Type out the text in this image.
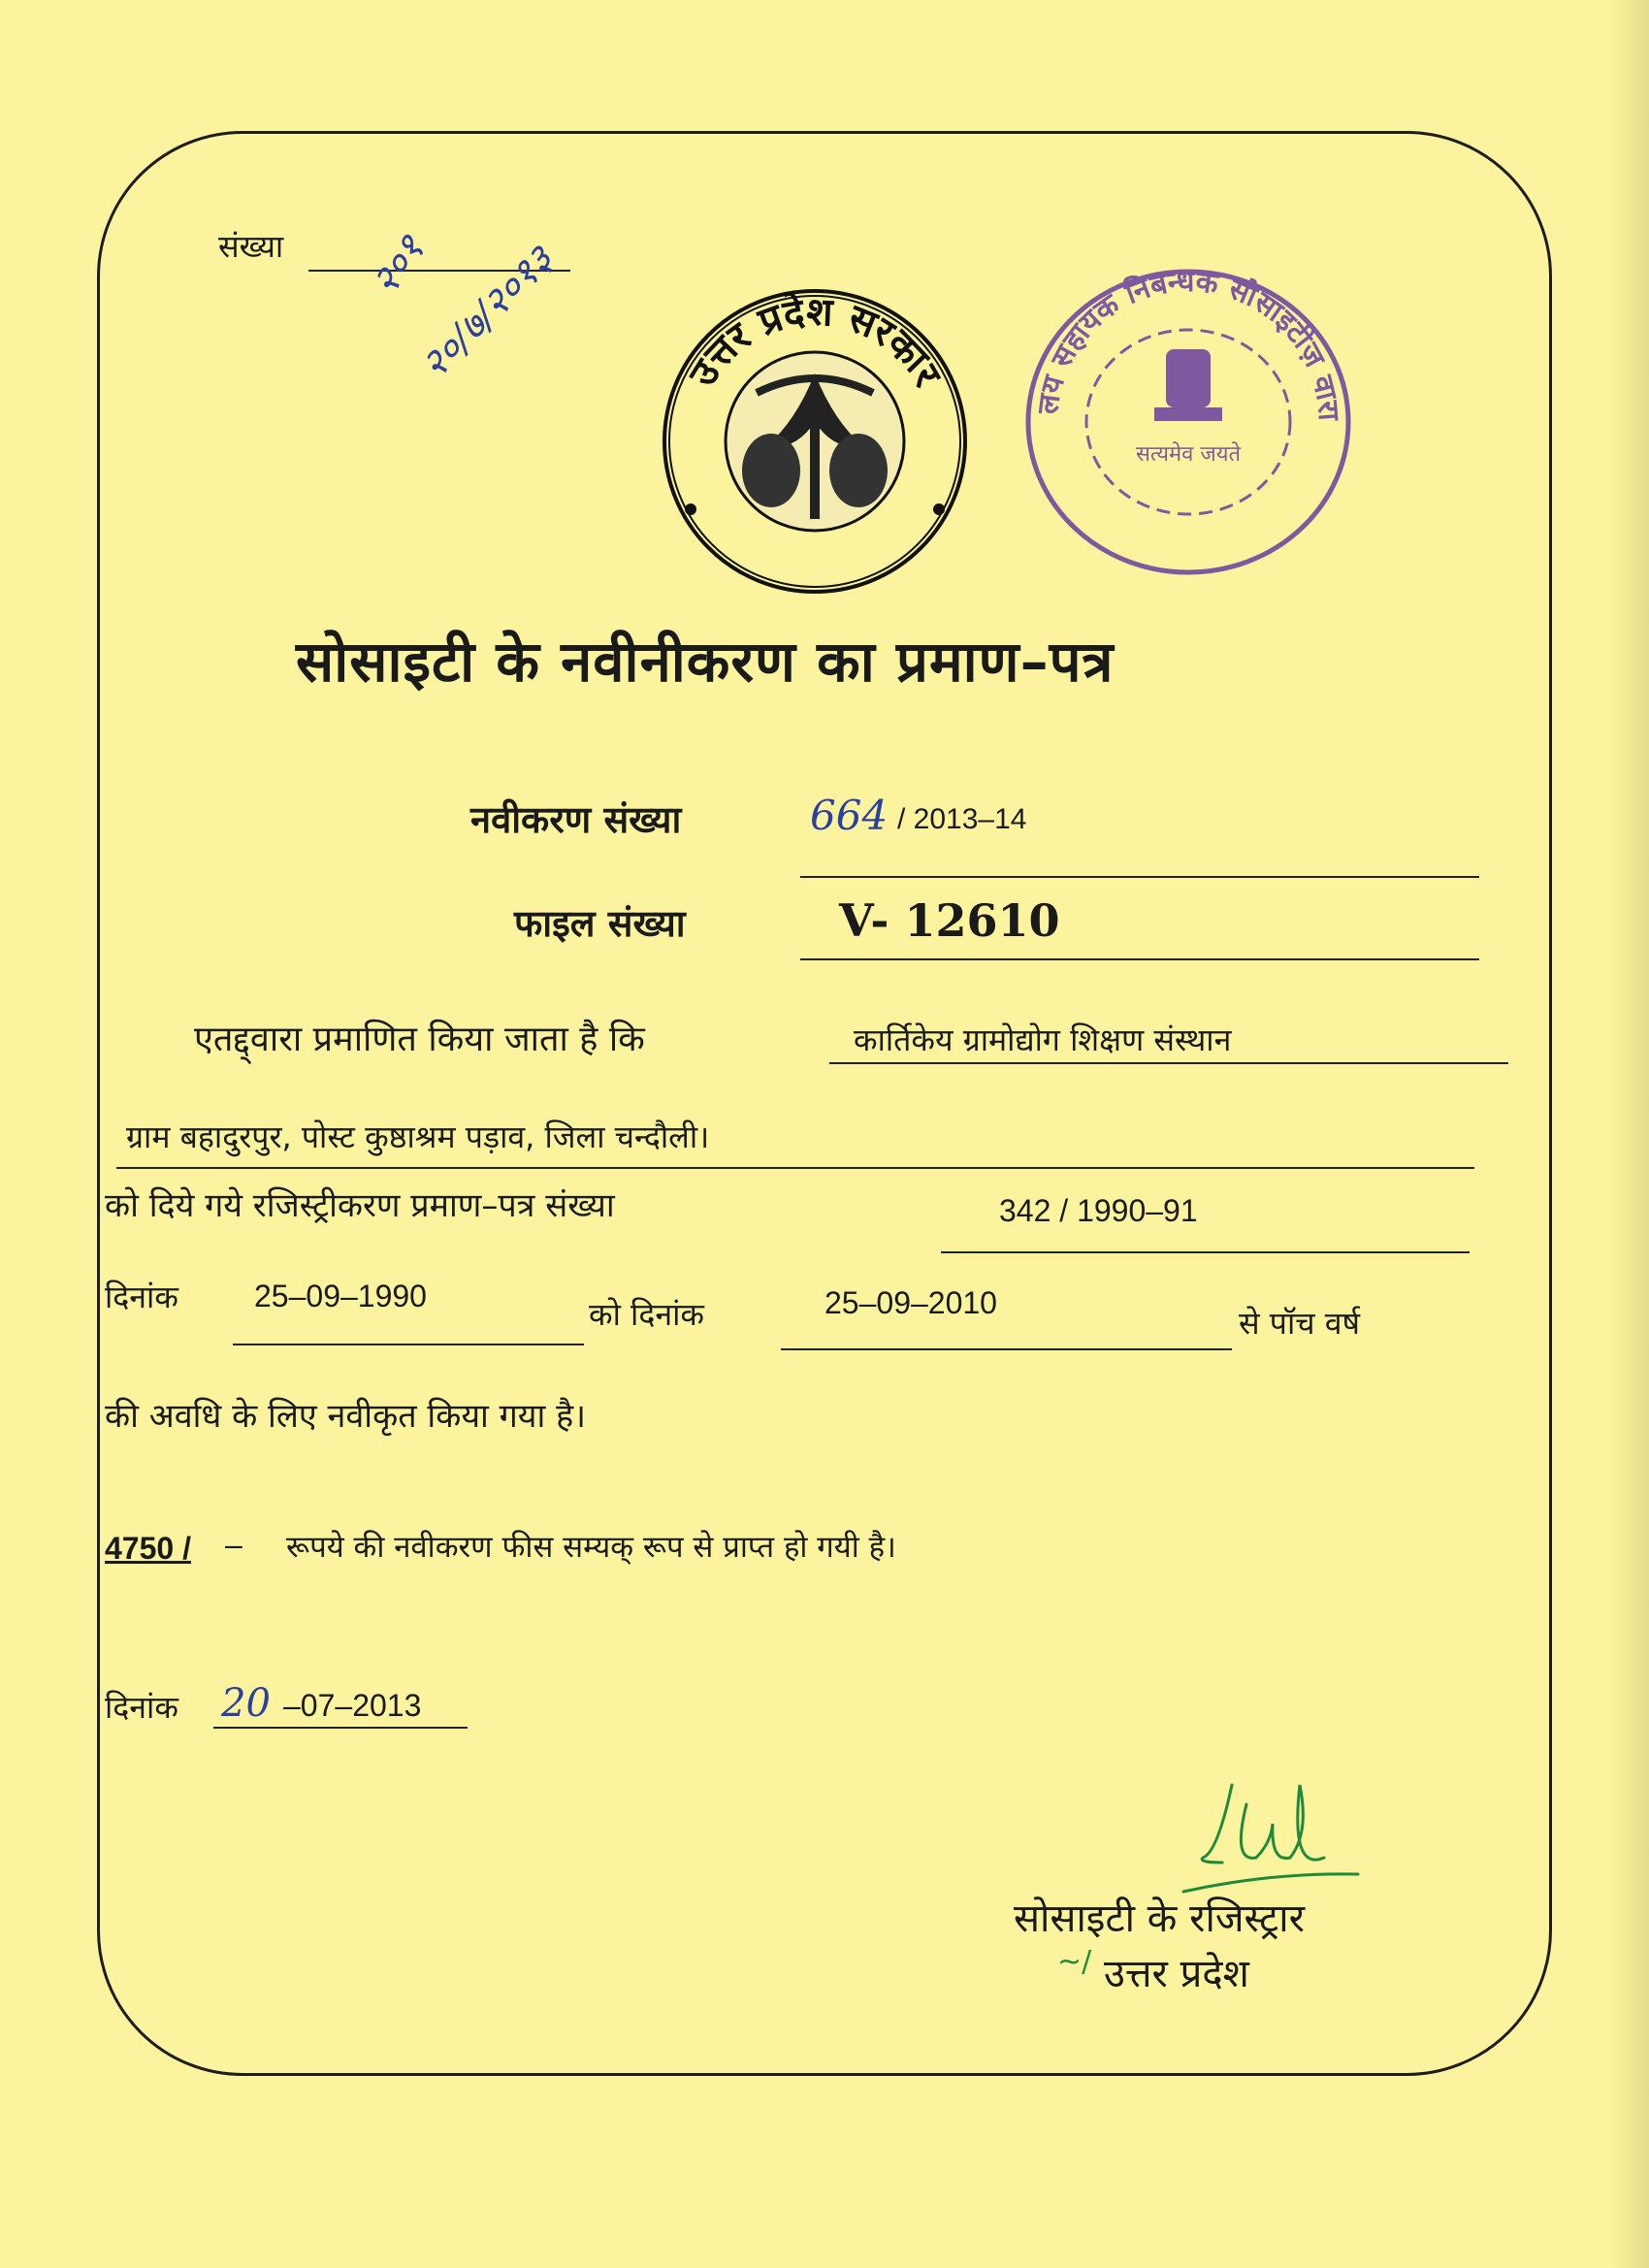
संख्या २०१
२०/७/२०१३	उत्तर प्रदेश सरकार
लय सहायक निबन्धक सोसाइटीज़ वारा
सत्यमेव जयते
सोसाइटी के नवीनीकरण का प्रमाण–पत्र
नवीकरण संख्या	664 / 2013–14
फाइल संख्या	V- 12610
एतद्द्वारा प्रमाणित किया जाता है कि	कार्तिकेय ग्रामोद्योग शिक्षण संस्थान
ग्राम बहादुरपुर, पोस्ट कुष्ठाश्रम पड़ाव, जिला चन्दौली।
को दिये गये रजिस्ट्रीकरण प्रमाण–पत्र संख्या	342 / 1990–91
दिनांक 25–09–1990	को दिनांक	25–09–2010
से पॉच वर्ष
की अवधि के लिए नवीकृत किया गया है।
4750 / – रूपये की नवीकरण फीस सम्यक् रूप से प्राप्त हो गयी है।
दिनांक 20 –07–2013
सोसाइटी के रजिस्ट्रार
~/ उत्तर प्रदेश
